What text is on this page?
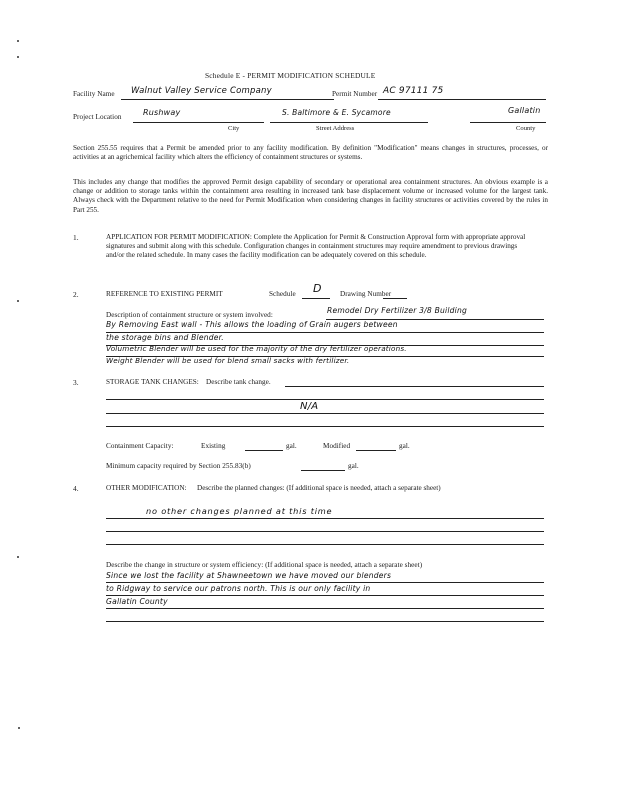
Schedule E - PERMIT MODIFICATION SCHEDULE
Facility Name Walnut Valley Service Company	Permit Number AC 97111 75
Project Location	Rushway	S. Baltimore & E. Sycamore	Gallatin
City	Street Address	County
Section 255.55 requires that a Permit be amended prior to any facility modification. By definition "Modification" means changes in structures, processes, or activities at an agrichemical facility which alters the efficiency of containment structures or systems.
This includes any change that modifies the approved Permit design capability of secondary or operational area containment structures. An obvious example is a change or addition to storage tanks within the containment area resulting in increased tank base displacement volume or increased volume for the largest tank. Always check with the Department relative to the need for Permit Modification when considering changes in facility structures or activities covered by the rules in Part 255.
1.	APPLICATION FOR PERMIT MODIFICATION: Complete the Application for Permit & Construction Approval form with appropriate approval signatures and submit along with this schedule. Configuration changes in containment structures may require amendment to previous drawings and/or the related schedule. In many cases the facility modification can be adequately covered on this schedule.
2.	REFERENCE TO EXISTING PERMIT	Schedule D	Drawing Number
Description of containment structure or system involved:	Remodel Dry Fertilizer 3/8 Building
By Removing East wall - This allows the loading of Grain augers between
the storage bins and Blender.
Volumetric Blender will be used for the majority of the dry fertilizer operations.
Weight Blender will be used for blend small sacks with fertilizer.
3.	STORAGE TANK CHANGES: Describe tank change.
N/A
Containment Capacity:	Existing	gal.	Modified	gal.
Minimum capacity required by Section 255.83(b)	gal.
4.	OTHER MODIFICATION: Describe the planned changes: (If additional space is needed, attach a separate sheet)
no other changes planned at this time
Describe the change in structure or system efficiency: (If additional space is needed, attach a separate sheet)
Since we lost the facility at Shawneetown we have moved our blenders
to Ridgway to service our patrons north. This is our only facility in
Gallatin County
